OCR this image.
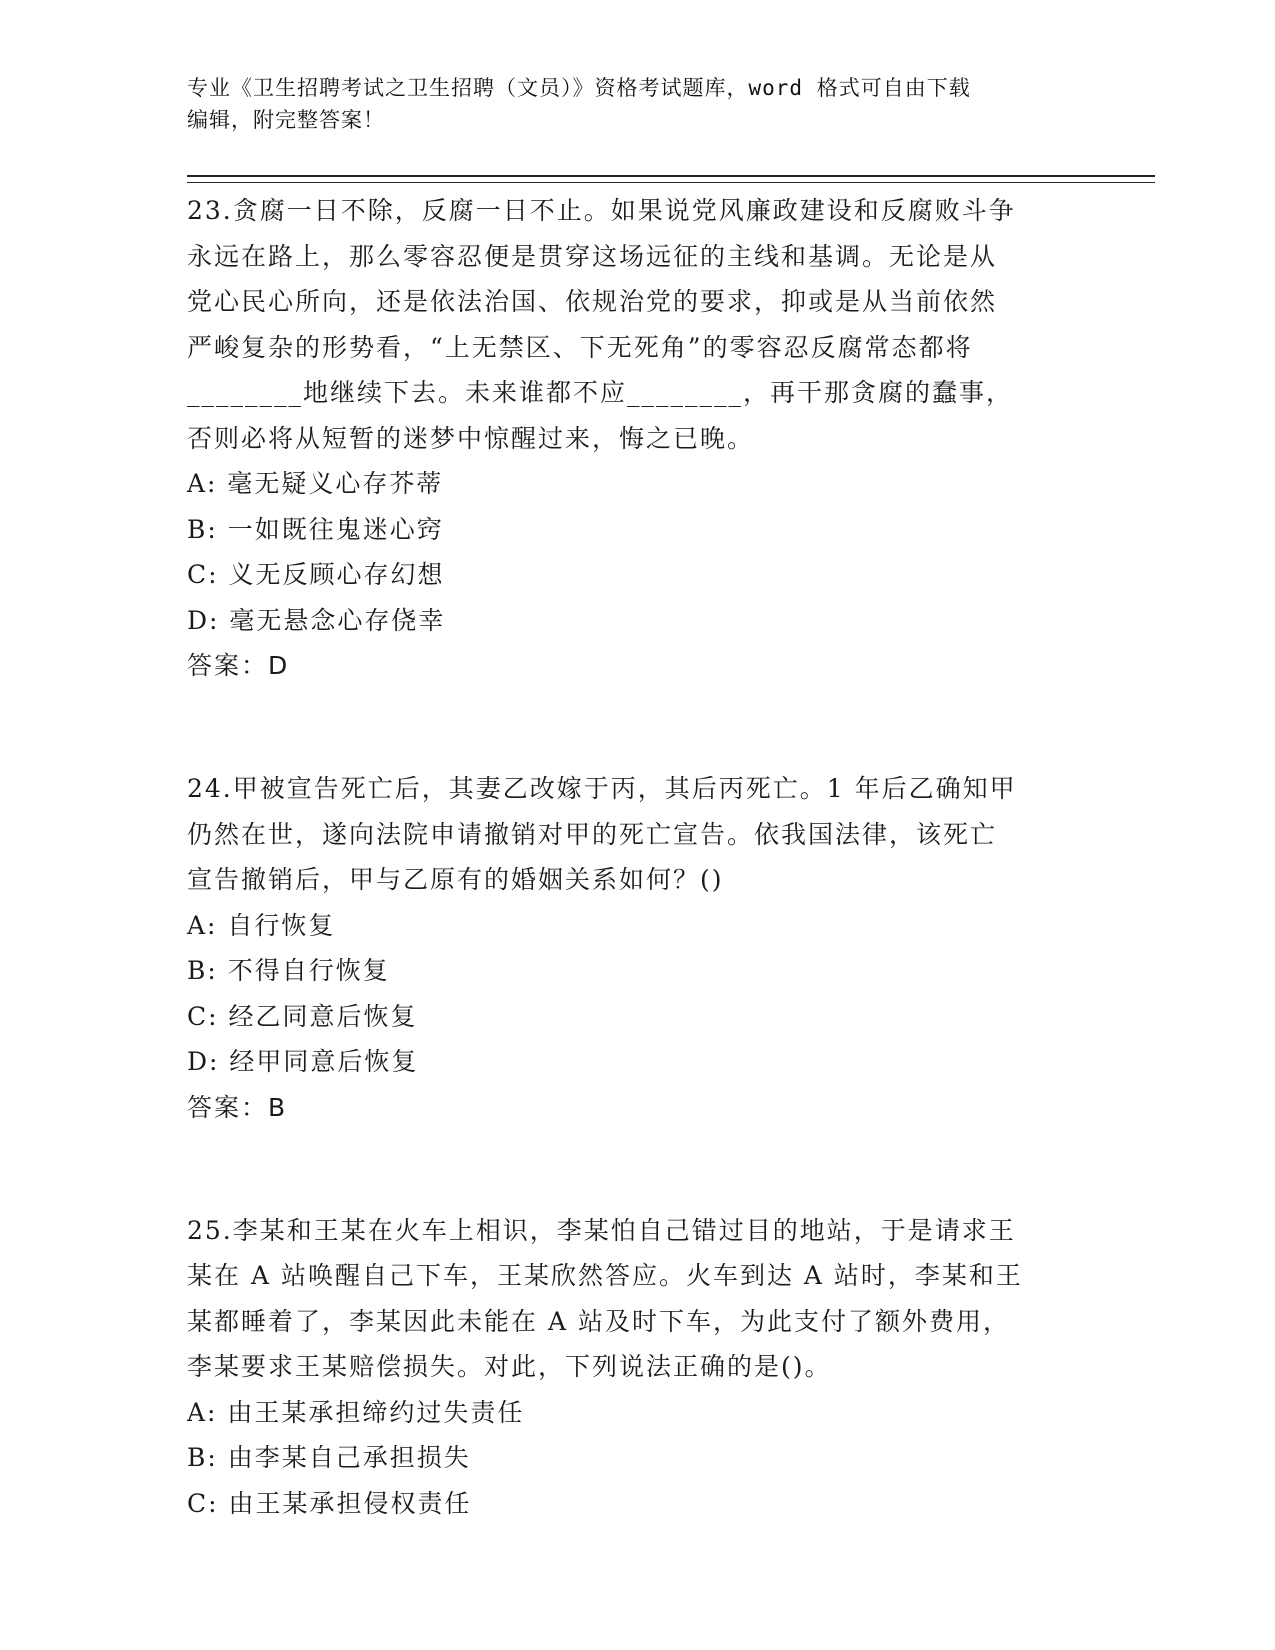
专业《卫生招聘考试之卫生招聘（文员）》资格考试题库，word 格式可自由下载
编辑，附完整答案！

23.贪腐一日不除，反腐一日不止。如果说党风廉政建设和反腐败斗争

永远在路上，那么零容忍便是贯穿这场远征的主线和基调。无论是从

党心民心所向，还是依法治国、依规治党的要求，抑或是从当前依然

严峻复杂的形势看，“上无禁区、下无死角”的零容忍反腐常态都将

________地继续下去。未来谁都不应________，再干那贪腐的蠢事，

否则必将从短暂的迷梦中惊醒过来，悔之已晚。

A: 毫无疑义心存芥蒂

B: 一如既往鬼迷心窍

C: 义无反顾心存幻想

D: 毫无悬念心存侥幸

答案：D

24.甲被宣告死亡后，其妻乙改嫁于丙，其后丙死亡。1 年后乙确知甲

仍然在世，遂向法院申请撤销对甲的死亡宣告。依我国法律，该死亡

宣告撤销后，甲与乙原有的婚姻关系如何？()

A: 自行恢复

B: 不得自行恢复

C: 经乙同意后恢复

D: 经甲同意后恢复

答案：B

25.李某和王某在火车上相识，李某怕自己错过目的地站，于是请求王

某在 A 站唤醒自己下车，王某欣然答应。火车到达 A 站时，李某和王

某都睡着了，李某因此未能在 A 站及时下车，为此支付了额外费用，

李某要求王某赔偿损失。对此，下列说法正确的是()。

A: 由王某承担缔约过失责任

B: 由李某自己承担损失

C: 由王某承担侵权责任
